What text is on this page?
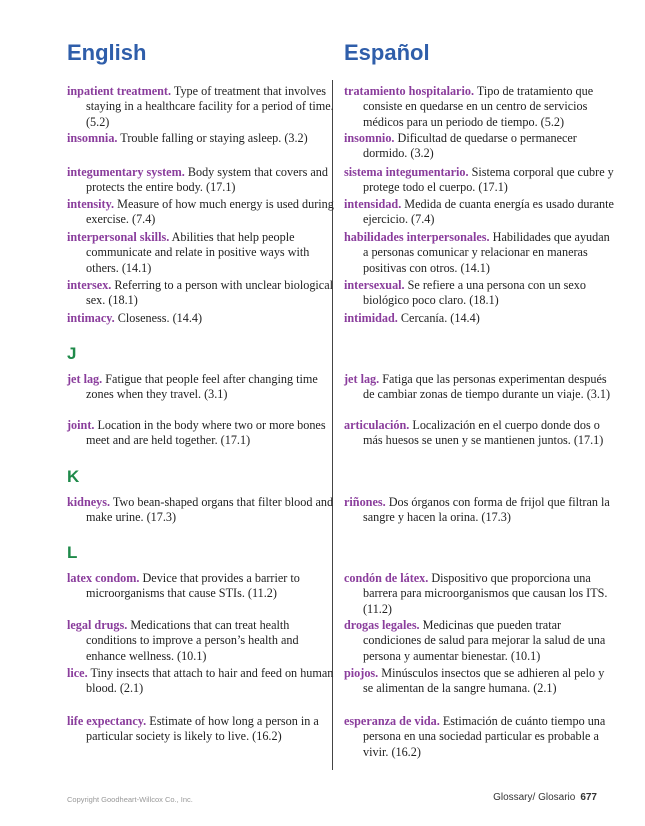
English	Español

inpatient treatment. Type of treatment that involves staying in a healthcare facility for a period of time. (5.2)

insomnia. Trouble falling or staying asleep. (3.2)

integumentary system. Body system that covers and protects the entire body. (17.1)

intensity. Measure of how much energy is used during exercise. (7.4)

interpersonal skills. Abilities that help people communicate and relate in positive ways with others. (14.1)

intersex. Referring to a person with unclear biological sex. (18.1)

intimacy. Closeness. (14.4)

J

jet lag. Fatigue that people feel after changing time zones when they travel. (3.1)

joint. Location in the body where two or more bones meet and are held together. (17.1)

K

kidneys. Two bean-shaped organs that filter blood and make urine. (17.3)

L

latex condom. Device that provides a barrier to microorganisms that cause STIs. (11.2)

legal drugs. Medications that can treat health conditions to improve a person’s health and enhance wellness. (10.1)

lice. Tiny insects that attach to hair and feed on human blood. (2.1)

life expectancy. Estimate of how long a person in a particular society is likely to live. (16.2)

tratamiento hospitalario. Tipo de tratamiento que consiste en quedarse en un centro de servicios médicos para un periodo de tiempo. (5.2)

insomnio. Dificultad de quedarse o permanecer dormido. (3.2)

sistema integumentario. Sistema corporal que cubre y protege todo el cuerpo. (17.1)

intensidad. Medida de cuanta energía es usado durante ejercicio. (7.4)

habilidades interpersonales. Habilidades que ayudan a personas comunicar y relacionar en maneras positivas con otros. (14.1)

intersexual. Se refiere a una persona con un sexo biológico poco claro. (18.1)

intimidad. Cercanía. (14.4)

jet lag. Fatiga que las personas experimentan después de cambiar zonas de tiempo durante un viaje. (3.1)

articulación. Localización en el cuerpo donde dos o más huesos se unen y se mantienen juntos. (17.1)

riñones. Dos órganos con forma de frijol que filtran la sangre y hacen la orina. (17.3)

condón de látex. Dispositivo que proporciona una barrera para microorganismos que causan los ITS. (11.2)

drogas legales. Medicinas que pueden tratar condiciones de salud para mejorar la salud de una persona y aumentar bienestar. (10.1)

piojos. Minúsculos insectos que se adhieren al pelo y se alimentan de la sangre humana. (2.1)

esperanza de vida. Estimación de cuánto tiempo una persona en una sociedad particular es probable a vivir. (16.2)

Copyright Goodheart-Willcox Co., Inc.	Glossary/ Glosario 677
